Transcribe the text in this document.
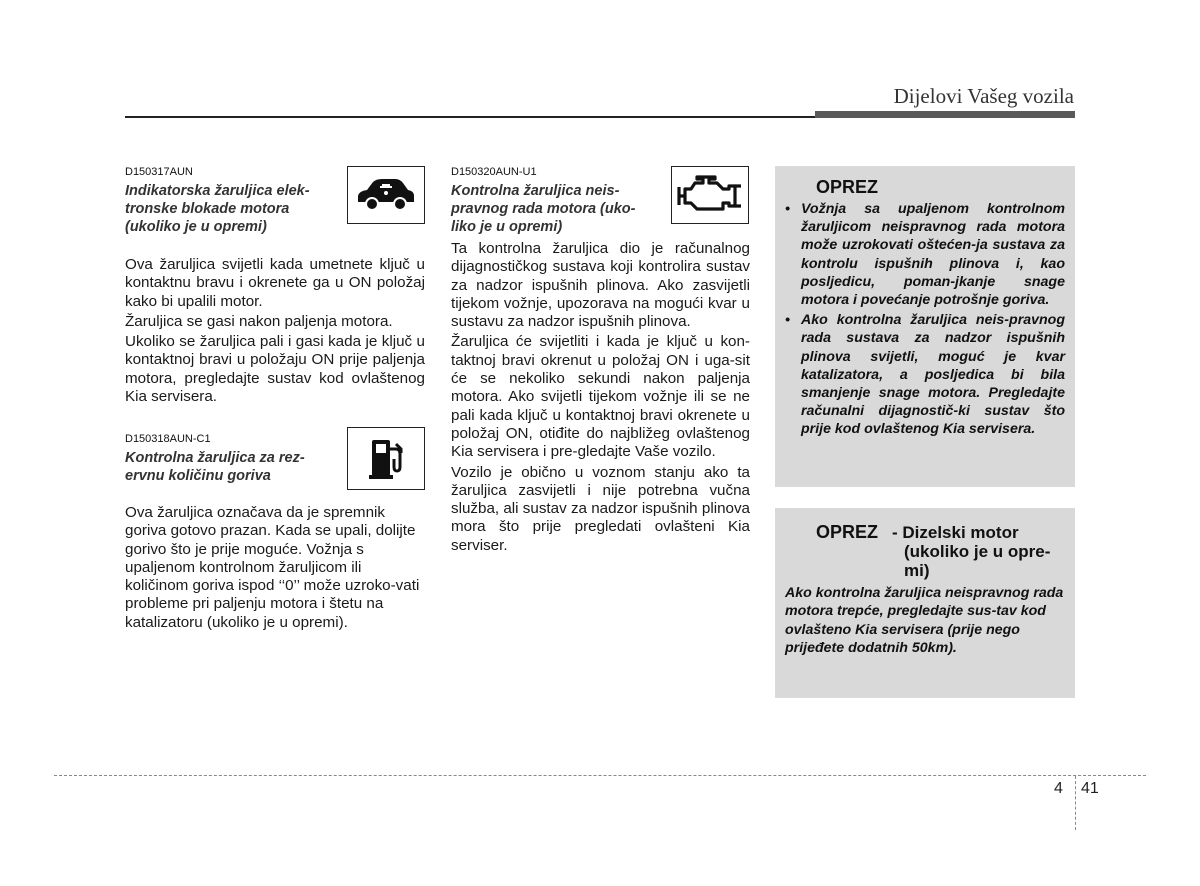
Dijelovi Vašeg vozila
D150317AUN
Indikatorska žaruljica elek-
tronske blokade motora
(ukoliko je u opremi)

Ova žaruljica svijetli kada umetnete ključ u kontaktnu bravu i okrenete ga u ON položaj kako bi upalili motor.

Žaruljica se gasi nakon paljenja motora.

Ukoliko se žaruljica pali i gasi kada je ključ u kontaktnoj bravi u položaju ON prije paljenja motora, pregledajte sustav kod ovlaštenog Kia servisera.

D150318AUN-C1
Kontrolna žaruljica za rez-
ervnu količinu goriva

Ova žaruljica označava da je spremnik goriva gotovo prazan. Kada se upali, dolijte gorivo što je prije moguće. Vožnja s upaljenom kontrolnom žaruljicom ili količinom goriva ispod ‘‘0’’ može uzroko-vati probleme pri paljenju motora i štetu na katalizatoru (ukoliko je u opremi).

D150320AUN-U1
Kontrolna žaruljica neis-
pravnog rada motora (uko-
liko je u opremi)

Ta kontrolna žaruljica dio je računalnog dijagnostičkog sustava koji kontrolira sustav za nadzor ispušnih plinova. Ako zasvijetli tijekom vožnje, upozorava na mogući kvar u sustavu za nadzor ispušnih plinova.

Žaruljica će svijetliti i kada je ključ u kon-taktnoj bravi okrenut u položaj ON i uga-sit će se nekoliko sekundi nakon paljenja motora. Ako svijetli tijekom vožnje ili se ne pali kada ključ u kontaktnoj bravi okrenete u položaj ON, otiđite do najbližeg ovlaštenog Kia servisera i pre-gledajte Vaše vozilo.

Vozilo je obično u voznom stanju ako ta žaruljica zasvijetli i nije potrebna vučna služba, ali sustav za nadzor ispušnih plinova mora što prije pregledati ovlašteni Kia serviser.

OPREZ
• Vožnja sa upaljenom kontrolnom žaruljicom neispravnog rada motora može uzrokovati oštećen-ja sustava za kontrolu ispušnih plinova i, kao posljedicu, poman-jkanje snage motora i povećanje potrošnje goriva.
• Ako kontrolna žaruljica neis-pravnog rada sustava za nadzor ispušnih plinova svijetli, moguć je kvar katalizatora, a posljedica bi bila smanjenje snage motora. Pregledajte računalni dijagnostič-ki sustav što prije kod ovlaštenog Kia servisera.
OPREZ - Dizelski motor
(ukoliko je u opre-
mi)
Ako kontrolna žaruljica neispravnog rada motora trepće, pregledajte sus-tav kod ovlašteno Kia servisera (prije nego prijeđete dodatnih 50km).
4 41
